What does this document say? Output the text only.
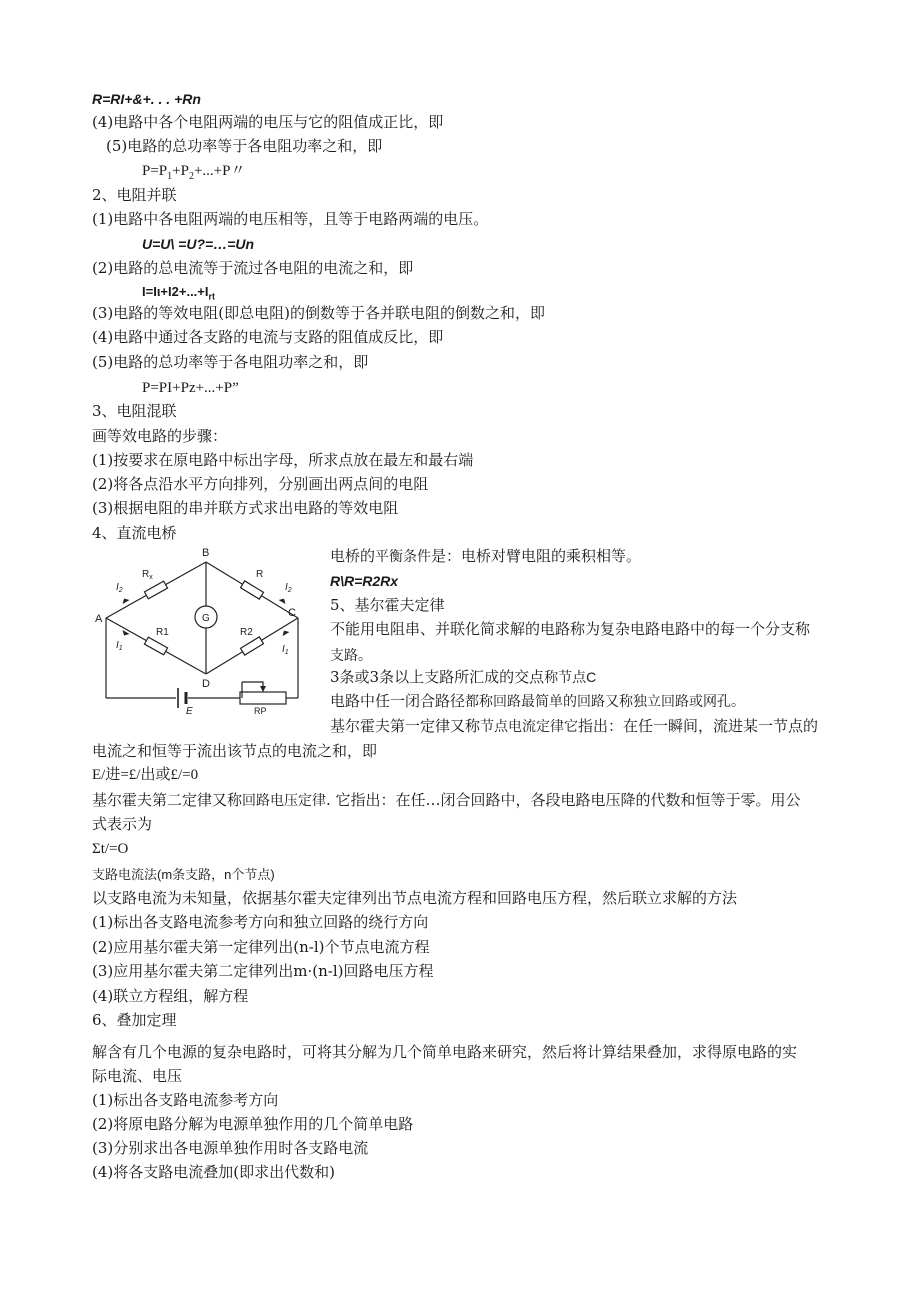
R=RI+&+. . . +Rn
(4)电路中各个电阻两端的电压与它的阻值成正比，即
(5)电路的总功率等于各电阻功率之和，即
$P=P_1+P_2+...+P$〃
2、电阻并联
(1)电路中各电阻两端的电压相等，且等于电路两端的电压。
U=U\ =U?=…=Un
(2)电路的总电流等于流过各电阻的电流之和，即
$I=I\iota+I2+...+I_{rt}$
(3)电路的等效电阻(即总电阻)的倒数等于各并联电阻的倒数之和，即
(4)电路中通过各支路的电流与支路的阻值成反比，即
(5)电路的总功率等于各电阻功率之和，即
P=PI+Pz+...+P”
3、电阻混联
画等效电路的步骤：
(1)按要求在原电路中标出字母，所求点放在最左和最右端
(2)将各点沿水平方向排列，分别画出两点间的电阻
(3)根据电阻的串并联方式求出电路的等效电阻
4、直流电桥
B
A	C
D
G
$R_x$	R
R1	R2
$I_2$	$I_2$
$I_1$	$I_1$
E	RP
电桥的平衡条件是：电桥对臂电阻的乘积相等。
R\R=R2Rx
5、基尔霍夫定律
不能用电阻串、并联化简求解的电路称为复杂电路电路中的每一个分支称
支路。
3条或3条以上支路所汇成的交点称节点C
电路中任一闭合路径都称回路最简单的回路又称独立回路或网孔。
基尔霍夫第一定律又称节点电流定律它指出：在任一瞬间，流进某一节点的
电流之和恒等于流出该节点的电流之和，即
E/进=£/出或£/=0
基尔霍夫第二定律又称回路电压定律. 它指出：在任…闭合回路中，各段电路电压降的代数和恒等于零。用公
式表示为
Σt/=O
支路电流法(m条支路，n个节点)
以支路电流为未知量，依据基尔霍夫定律列出节点电流方程和回路电压方程，然后联立求解的方法
(1)标出各支路电流参考方向和独立回路的绕行方向
(2)应用基尔霍夫第一定律列出(n-l)个节点电流方程
(3)应用基尔霍夫第二定律列出m·(n-l)回路电压方程
(4)联立方程组，解方程
6、叠加定理
解含有几个电源的复杂电路时，可将其分解为几个简单电路来研究，然后将计算结果叠加，求得原电路的实
际电流、电压
(1)标出各支路电流参考方向
(2)将原电路分解为电源单独作用的几个简单电路
(3)分别求出各电源单独作用时各支路电流
(4)将各支路电流叠加(即求出代数和)
